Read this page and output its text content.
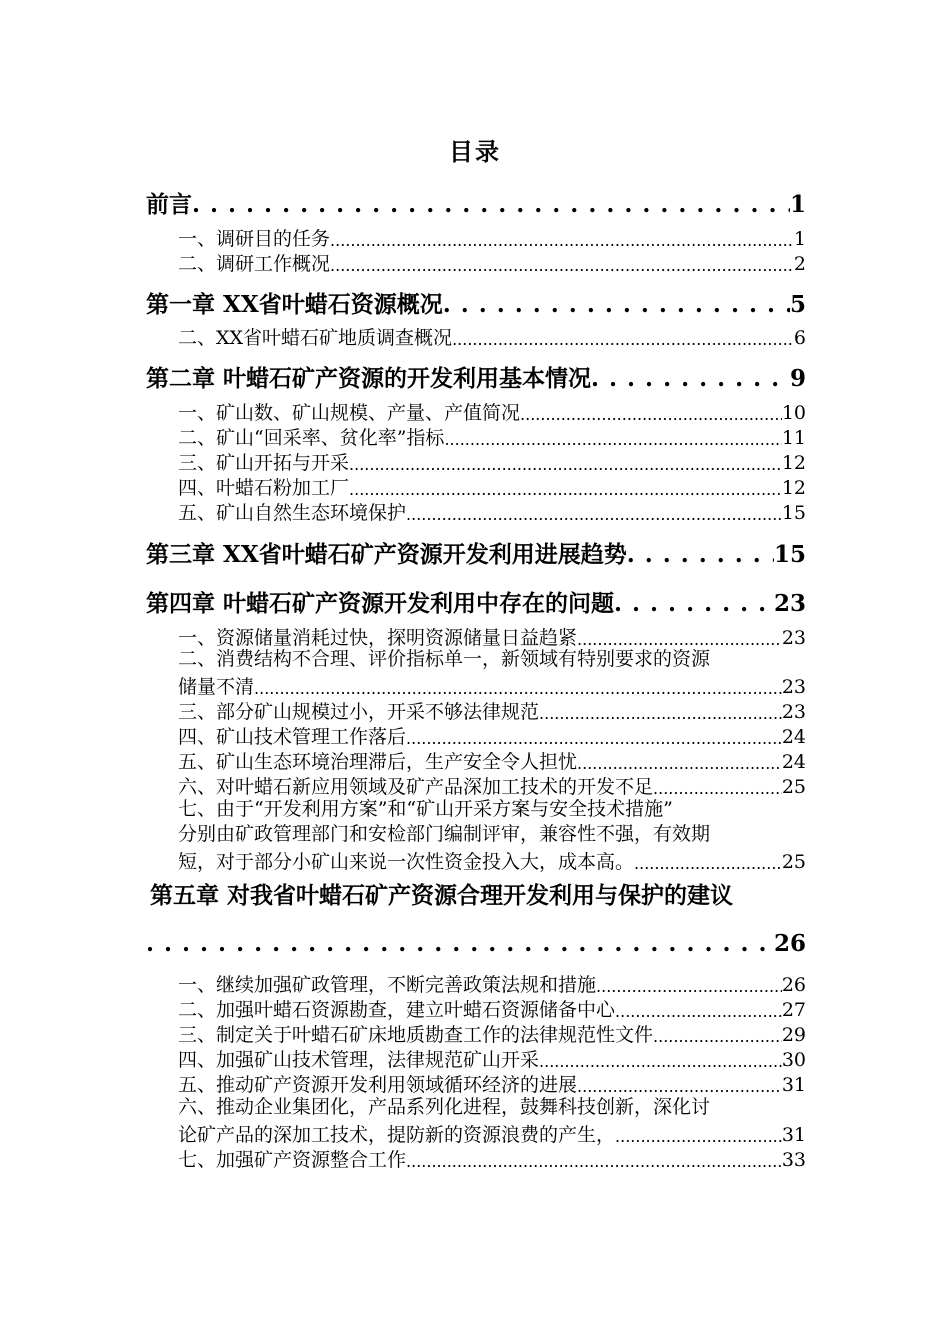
目录
前言 . . .	1
一、调研目的任务 .....	1
二、调研工作概况 .....	2
第一章 XX省叶蜡石资源概况 . . .	5
二、XX省叶蜡石矿地质调查概况 .....	6
第二章 叶蜡石矿产资源的开发利用基本情况 . . .	9
一、矿山数、矿山规模、产量、产值简况 .....	10
二、矿山“回采率、贫化率”指标 .....	11
三、矿山开拓与开采 .....	12
四、叶蜡石粉加工厂 .....	12
五、矿山自然生态环境保护 .....	15
第三章 XX省叶蜡石矿产资源开发利用进展趋势 . . .	15
第四章 叶蜡石矿产资源开发利用中存在的问题 . . .	23
一、资源储量消耗过快，探明资源储量日益趋紧 .....	23
二、消费结构不合理、评价指标单一，新领域有特别要求的资源
储量不清 .....	23
三、部分矿山规模过小，开采不够法律规范 .....	23
四、矿山技术管理工作落后 .....	24
五、矿山生态环境治理滞后，生产安全令人担忧 .....	24
六、对叶蜡石新应用领域及矿产品深加工技术的开发不足 .....	25
七、由于“开发利用方案”和“矿山开采方案与安全技术措施”
分别由矿政管理部门和安检部门编制评审，兼容性不强，有效期
短，对于部分小矿山来说一次性资金投入大，成本高。 .....	25
第五章 对我省叶蜡石矿产资源合理开发利用与保护的建议
. . .
26
一、继续加强矿政管理，不断完善政策法规和措施 .....	26
二、加强叶蜡石资源勘查，建立叶蜡石资源储备中心 .....	27
三、制定关于叶蜡石矿床地质勘查工作的法律规范性文件 .....	29
四、加强矿山技术管理，法律规范矿山开采 .....	30
五、推动矿产资源开发利用领域循环经济的进展 .....	31
六、推动企业集团化，产品系列化进程，鼓舞科技创新，深化讨
论矿产品的深加工技术，提防新的资源浪费的产生， .....	31
七、加强矿产资源整合工作 .....	33
